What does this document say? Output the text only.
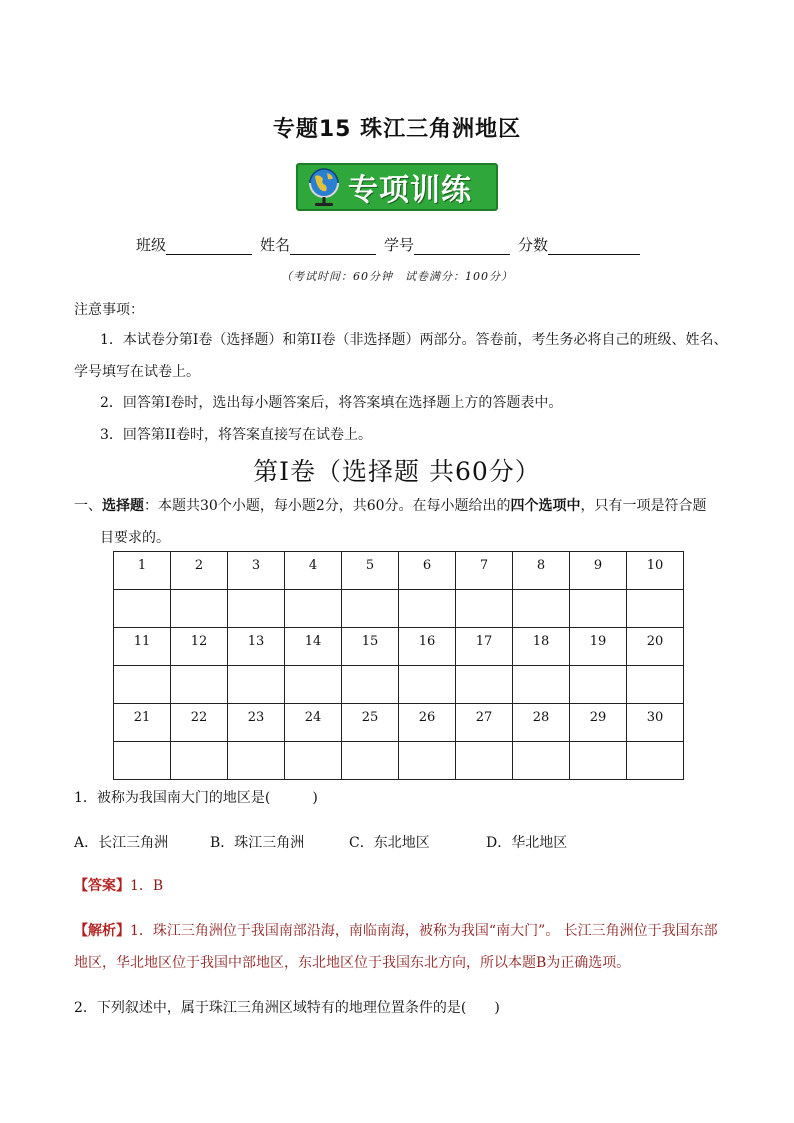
专题15 珠江三角洲地区
专项训练
班级	姓名	学号	分数
（考试时间：60分钟　试卷满分：100分）
注意事项：
1．本试卷分第I卷（选择题）和第II卷（非选择题）两部分。答卷前，考生务必将自己的班级、姓名、
学号填写在试卷上。
2．回答第I卷时，选出每小题答案后，将答案填在选择题上方的答题表中。
3．回答第II卷时，将答案直接写在试卷上。
第I卷（选择题 共60分）
一、选择题：本题共30个小题，每小题2分，共60分。在每小题给出的四个选项中，只有一项是符合题
目要求的。
1	2	3	4	5	6	7	8	9	10

11	12	13	14	15	16	17	18	19	20

21	22	23	24	25	26	27	28	29	30

1．被称为我国南大门的地区是(　　　)
A．长江三角洲	B．珠江三角洲	C．东北地区	D．华北地区
【答案】1．B
【解析】1．珠江三角洲位于我国南部沿海，南临南海，被称为我国“南大门”。 长江三角洲位于我国东部
地区，华北地区位于我国中部地区，东北地区位于我国东北方向，所以本题B为正确选项。
2．下列叙述中，属于珠江三角洲区域特有的地理位置条件的是(　　)
